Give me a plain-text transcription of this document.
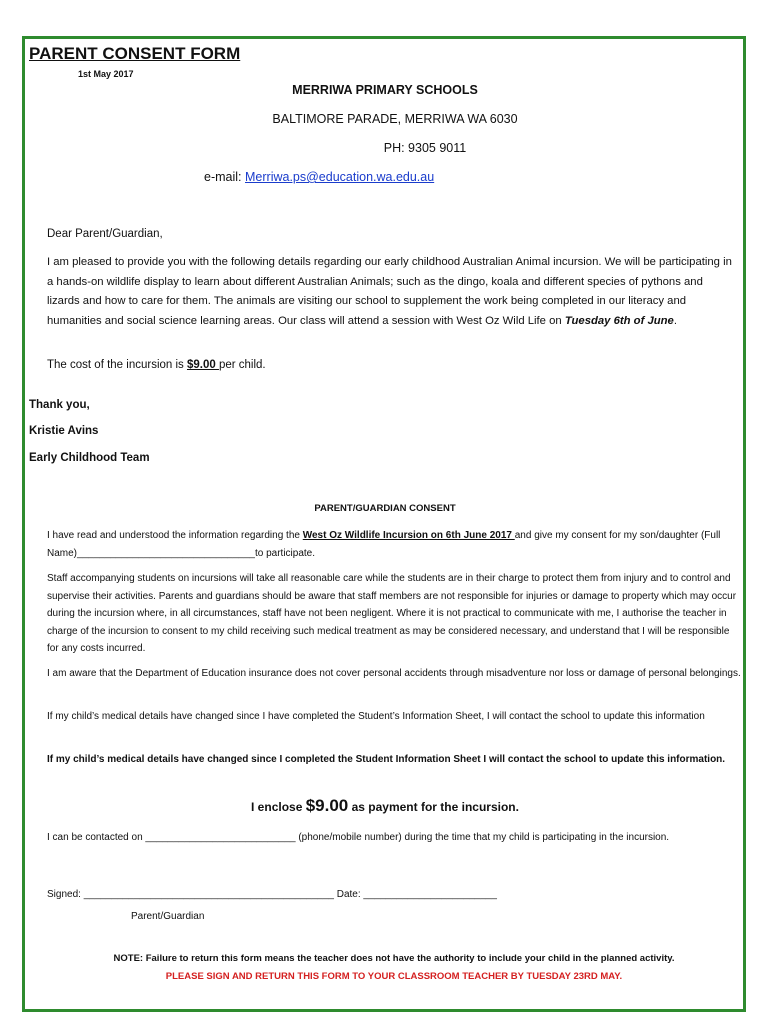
PARENT CONSENT FORM
1st May 2017
MERRIWA PRIMARY SCHOOLS
BALTIMORE PARADE, MERRIWA WA 6030
PH: 9305 9011
e-mail: Merriwa.ps@education.wa.edu.au
Dear Parent/Guardian,
I am pleased to provide you with the following details regarding our early childhood Australian Animal incursion. We will be participating in a hands-on wildlife display to learn about different Australian Animals; such as the dingo, koala and different species of pythons and lizards and how to care for them. The animals are visiting our school to supplement the work being completed in our literacy and humanities and social science learning areas. Our class will attend a session with West Oz Wild Life on Tuesday 6th of June.
The cost of the incursion is $9.00 per child.
Thank you,
Kristie Avins
Early Childhood Team
PARENT/GUARDIAN CONSENT
I have read and understood the information regarding the West Oz Wildlife Incursion on 6th June 2017 and give my consent for my son/daughter (Full Name)________________________________to participate.
Staff accompanying students on incursions will take all reasonable care while the students are in their charge to protect them from injury and to control and supervise their activities. Parents and guardians should be aware that staff members are not responsible for injuries or damage to property which may occur during the incursion where, in all circumstances, staff have not been negligent. Where it is not practical to communicate with me, I authorise the teacher in charge of the incursion to consent to my child receiving such medical treatment as may be considered necessary, and understand that I will be responsible for any costs incurred.
I am aware that the Department of Education insurance does not cover personal accidents through misadventure nor loss or damage of personal belongings.
If my child’s medical details have changed since I have completed the Student’s Information Sheet, I will contact the school to update this information
If my child’s medical details have changed since I completed the Student Information Sheet I will contact the school to update this information.
I enclose $9.00 as payment for the incursion.
I can be contacted on ___________________________ (phone/mobile number) during the time that my child is participating in the incursion.
Signed: _____________________________________________ Date: ________________________
Parent/Guardian
NOTE: Failure to return this form means the teacher does not have the authority to include your child in the planned activity.
PLEASE SIGN AND RETURN THIS FORM TO YOUR CLASSROOM TEACHER BY TUESDAY 23RD MAY.
